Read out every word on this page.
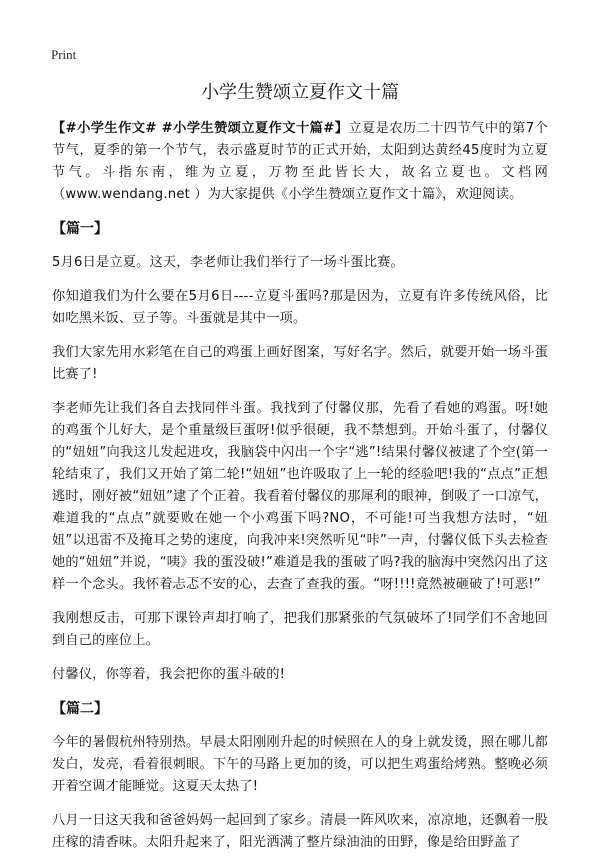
Print
小学生赞颂立夏作文十篇

【#小学生作文# #小学生赞颂立夏作文十篇#】立夏是农历二十四节气中的第7个节气，夏季的第一个节气，表示盛夏时节的正式开始，太阳到达黄经45度时为立夏节气。斗指东南，维为立夏，万物至此皆长大，故名立夏也。文档网（www.wendang.net ）为大家提供《小学生赞颂立夏作文十篇》，欢迎阅读。

【篇一】

5月6日是立夏。这天，李老师让我们举行了一场斗蛋比赛。

你知道我们为什么要在5月6日----立夏斗蛋吗?那是因为，立夏有许多传统风俗，比如吃黑米饭、豆子等。斗蛋就是其中一项。

我们大家先用水彩笔在自己的鸡蛋上画好图案，写好名字。然后，就要开始一场斗蛋比赛了!

李老师先让我们各自去找同伴斗蛋。我找到了付馨仪那，先看了看她的鸡蛋。呀!她的鸡蛋个儿好大，是个重量级巨蛋呀!似乎很硬，我不禁想到。开始斗蛋了，付馨仪的“妞妞”向我这儿发起进攻，我脑袋中闪出一个字“逃”!结果付馨仪被逮了个空(第一轮结束了，我们又开始了第二轮!“妞妞”也许吸取了上一轮的经验吧!我的“点点”正想逃时，刚好被“妞妞”逮了个正着。我看着付馨仪的那犀利的眼神，倒吸了一口凉气，难道我的“点点”就要败在她一个小鸡蛋下吗?NO，不可能!可当我想方法时，“妞妞”以迅雷不及掩耳之势的速度，向我冲来!突然听见“咔”一声，付馨仪低下头去检查她的“妞妞”并说，“咦》我的蛋没破!”难道是我的蛋破了吗?我的脑海中突然闪出了这样一个念头。我怀着忐忑不安的心，去查了查我的蛋。“呀!!!!竟然被砸破了!可恶!”

我刚想反击，可那下课铃声却打响了，把我们那紧张的气氛破坏了!同学们不舍地回到自己的座位上。

付馨仪，你等着，我会把你的蛋斗破的!

【篇二】

今年的暑假杭州特别热。早晨太阳刚刚升起的时候照在人的身上就发烫，照在哪儿都发白，发亮，看着很刺眼。下午的马路上更加的烫，可以把生鸡蛋给烤熟。整晚必须开着空调才能睡觉。这夏天太热了!

八月一日这天我和爸爸妈妈一起回到了家乡。清晨一阵风吹来，凉凉地，还飘着一股庄稼的清香味。太阳升起来了，阳光洒满了整片绿油油的田野，像是给田野盖了
